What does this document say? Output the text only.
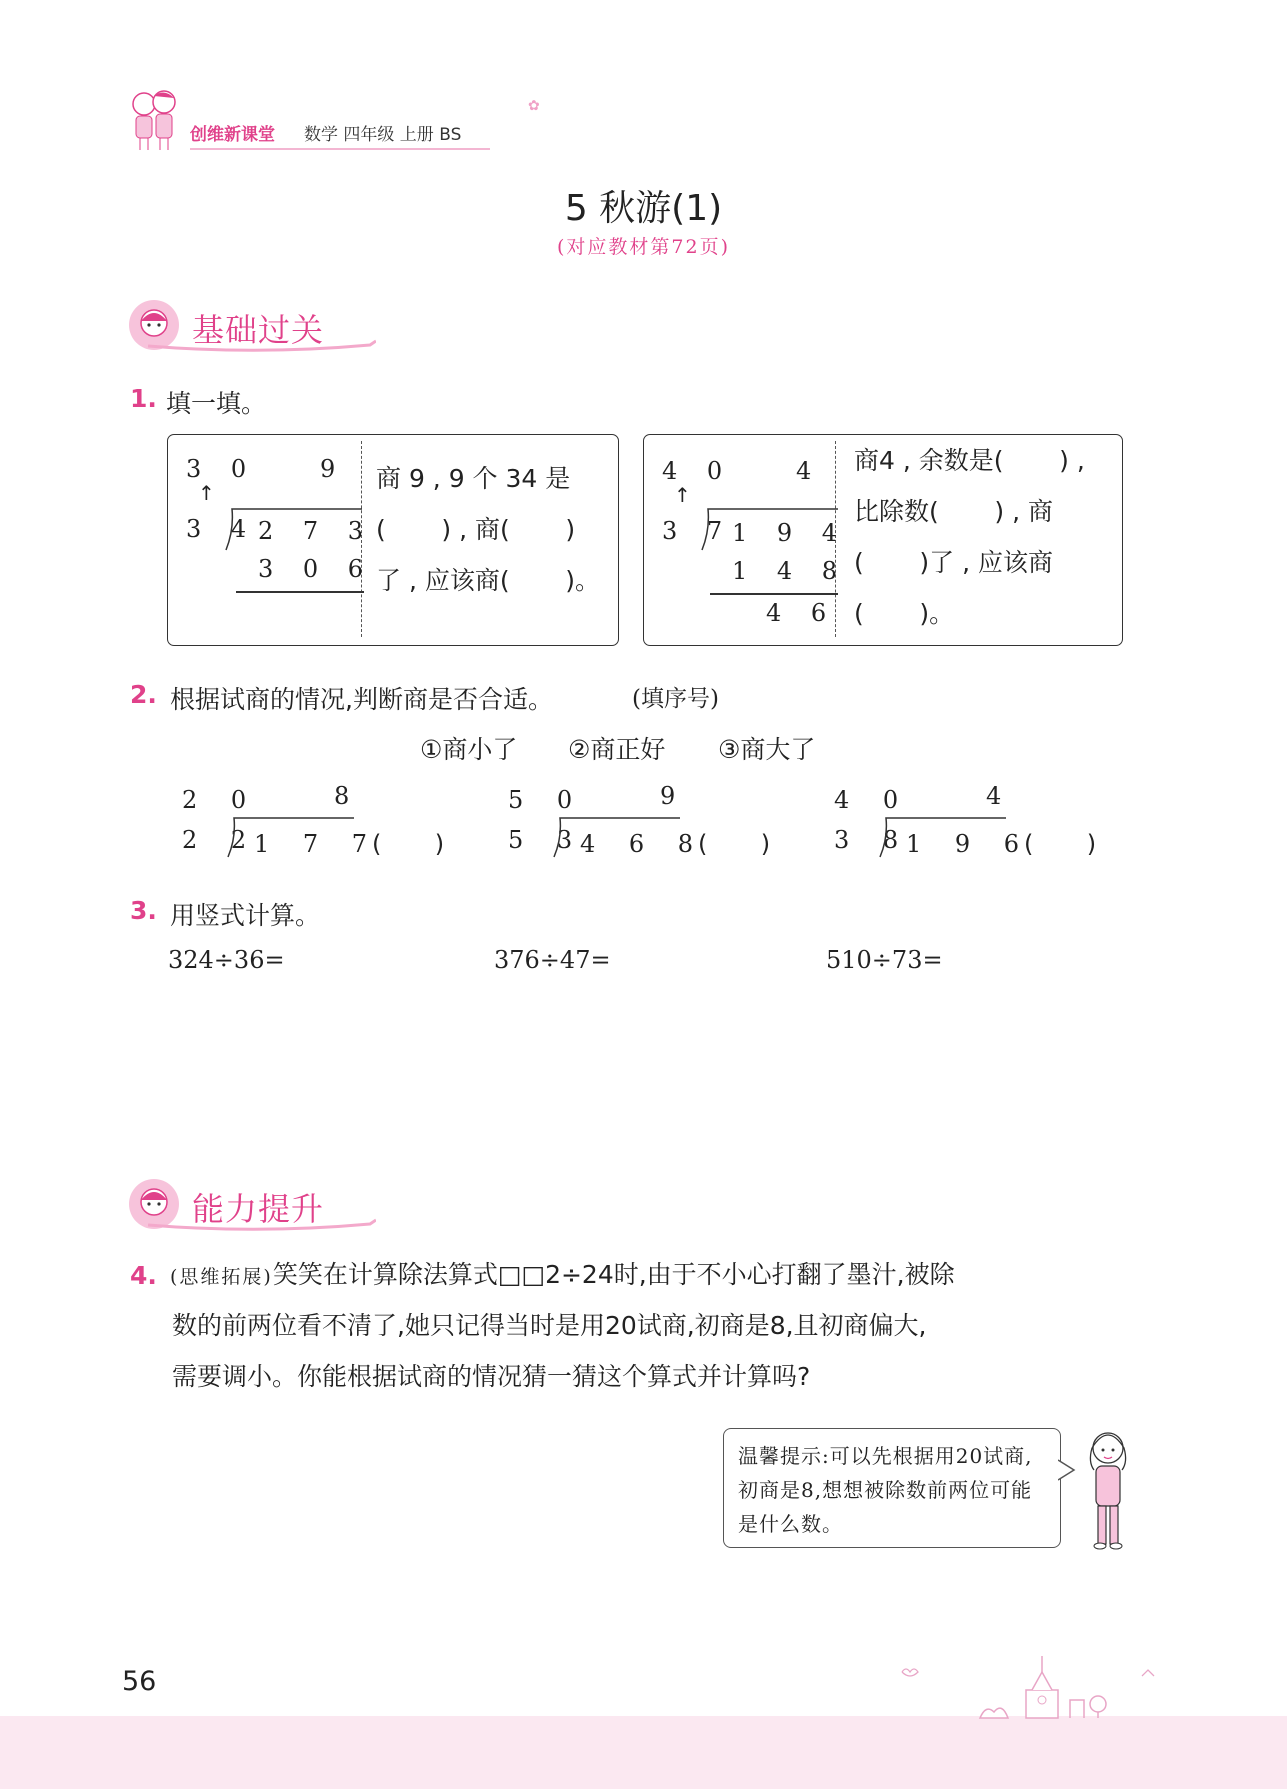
创维新课堂 数学 四年级 上册 BS
✿
5 秋游(1)
(对应教材第72页)
基础过关
1. 填一填。
3 0	9
↑
3 4 2 7 3
3 0 6
商 9 , 9 个 34 是
(       ) , 商(       )
了 , 应该商(       )。
4 0	4
↑
3 7
1 9 4
1 4 8
4 6
商4 , 余数是(       ) ,
比除数(       ) , 商
(       )了 , 应该商
(       )。
2. 根据试商的情况,判断商是否合适。	(填序号)
①商小了 ②商正好 ③商大了
2 0	8
2 2
1 7 7
(       )
5 0	9
5 3
4 6 8
(       )
4 0	4
3 8
1 9 6
(       )
3. 用竖式计算。
324÷36=	376÷47=	510÷73=
能力提升
4. (思维拓展)笑笑在计算除法算式□□2÷24时,由于不小心打翻了墨汁,被除
数的前两位看不清了,她只记得当时是用20试商,初商是8,且初商偏大,
需要调小。你能根据试商的情况猜一猜这个算式并计算吗?
温馨提示:可以先根据用20试商,初商是8,想想被除数前两位可能是什么数。
56
